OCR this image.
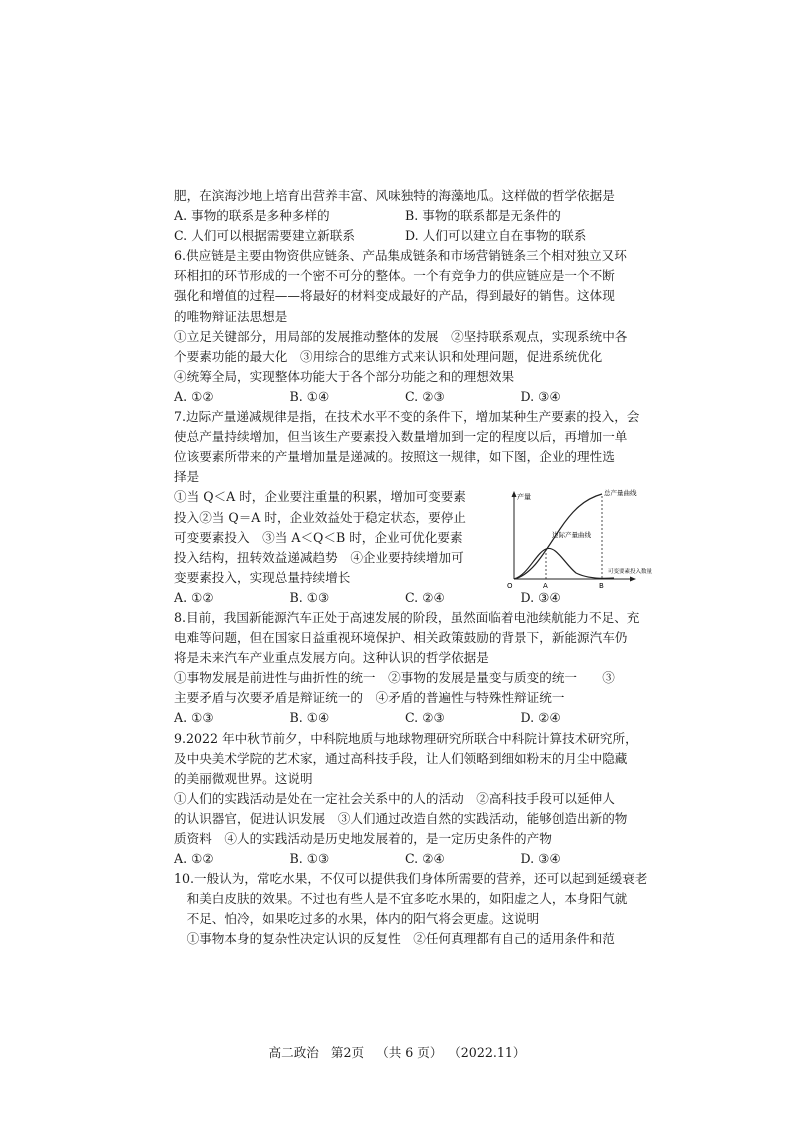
肥，在滨海沙地上培育出营养丰富、风味独特的海藻地瓜。这样做的哲学依据是
A. 事物的联系是多种多样的	B. 事物的联系都是无条件的
C. 人们可以根据需要建立新联系	D. 人们可以建立自在事物的联系
6.供应链是主要由物资供应链条、产品集成链条和市场营销链条三个相对独立又环
环相扣的环节形成的一个密不可分的整体。一个有竞争力的供应链应是一个不断
强化和增值的过程——将最好的材料变成最好的产品，得到最好的销售。这体现
的唯物辩证法思想是
①立足关键部分，用局部的发展推动整体的发展　②坚持联系观点，实现系统中各
个要素功能的最大化　③用综合的思维方式来认识和处理问题，促进系统优化
④统筹全局，实现整体功能大于各个部分功能之和的理想效果
A. ①②	B. ①④	C. ②③	D. ③④
7.边际产量递减规律是指，在技术水平不变的条件下，增加某种生产要素的投入，会
使总产量持续增加，但当该生产要素投入数量增加到一定的程度以后，再增加一单
位该要素所带来的产量增加量是递减的。按照这一规律，如下图，企业的理性选
择是
①当 Q＜A 时，企业要注重量的积累，增加可变要素
投入②当 Q＝A 时，企业效益处于稳定状态，要停止
可变要素投入　③当 A＜Q＜B 时，企业可优化要素
投入结构，扭转效益递减趋势　④企业要持续增加可
变要素投入，实现总量持续增长
产量	总产量曲线
边际产量曲线
可变要素投入数量
O	A	B
A. ①②	B. ①③	C. ②④	D. ③④
8.目前，我国新能源汽车正处于高速发展的阶段，虽然面临着电池续航能力不足、充
电难等问题，但在国家日益重视环境保护、相关政策鼓励的背景下，新能源汽车仍
将是未来汽车产业重点发展方向。这种认识的哲学依据是
①事物发展是前进性与曲折性的统一　②事物的发展是量变与质变的统一　　③
主要矛盾与次要矛盾是辩证统一的　④矛盾的普遍性与特殊性辩证统一
A. ①③	B. ①④	C. ②③	D. ②④
9.2022 年中秋节前夕，中科院地质与地球物理研究所联合中科院计算技术研究所，
及中央美术学院的艺术家，通过高科技手段，让人们领略到细如粉末的月尘中隐藏
的美丽微观世界。这说明
①人们的实践活动是处在一定社会关系中的人的活动　②高科技手段可以延伸人
的认识器官，促进认识发展　③人们通过改造自然的实践活动，能够创造出新的物
质资料　④人的实践活动是历史地发展着的，是一定历史条件的产物
A. ①②	B. ①③	C. ②④	D. ③④
10.一般认为，常吃水果，不仅可以提供我们身体所需要的营养，还可以起到延缓衰老
　和美白皮肤的效果。不过也有些人是不宜多吃水果的，如阳虚之人，本身阳气就
　不足、怕冷，如果吃过多的水果，体内的阳气将会更虚。这说明
　①事物本身的复杂性决定认识的反复性　②任何真理都有自己的适用条件和范
高二政治 第2页 （共 6 页） （2022.11）
